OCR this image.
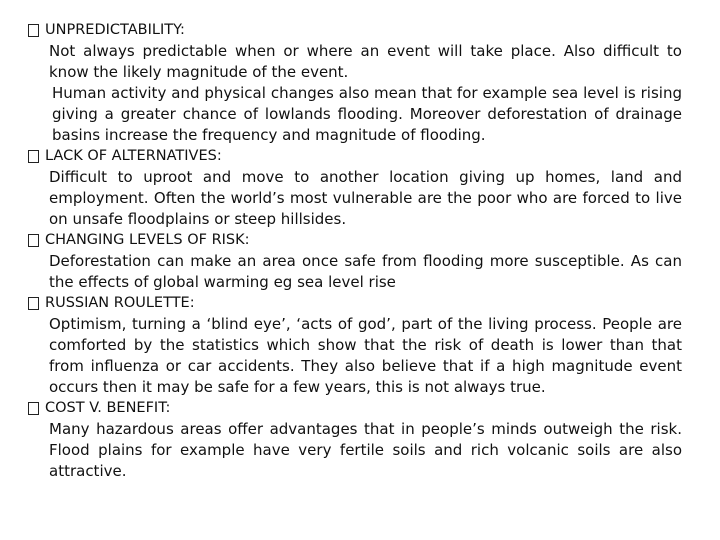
UNPREDICTABILITY:
Not always predictable when or where an event will take place. Also difficult to know the likely magnitude of the event.
Human activity and physical changes also mean that for example sea level is rising giving a greater chance of lowlands flooding. Moreover deforestation of drainage basins increase the frequency and magnitude of flooding.
LACK OF ALTERNATIVES:
Difficult to uproot and move to another location giving up homes, land and employment. Often the world’s most vulnerable are the poor who are forced to live on unsafe floodplains or steep hillsides.
CHANGING LEVELS OF RISK:
Deforestation can make an area once safe from flooding more susceptible. As can the effects of global warming eg sea level rise
RUSSIAN ROULETTE:
Optimism, turning a ‘blind eye’, ‘acts of god’, part of the living process. People are comforted by the statistics which show that the risk of death is lower than that from influenza or car accidents. They also believe that if a high magnitude event occurs then it may be safe for a few years, this is not always true.
COST V. BENEFIT:
Many hazardous areas offer advantages that in people’s minds outweigh the risk. Flood plains for example have very fertile soils and rich volcanic soils are also attractive.
